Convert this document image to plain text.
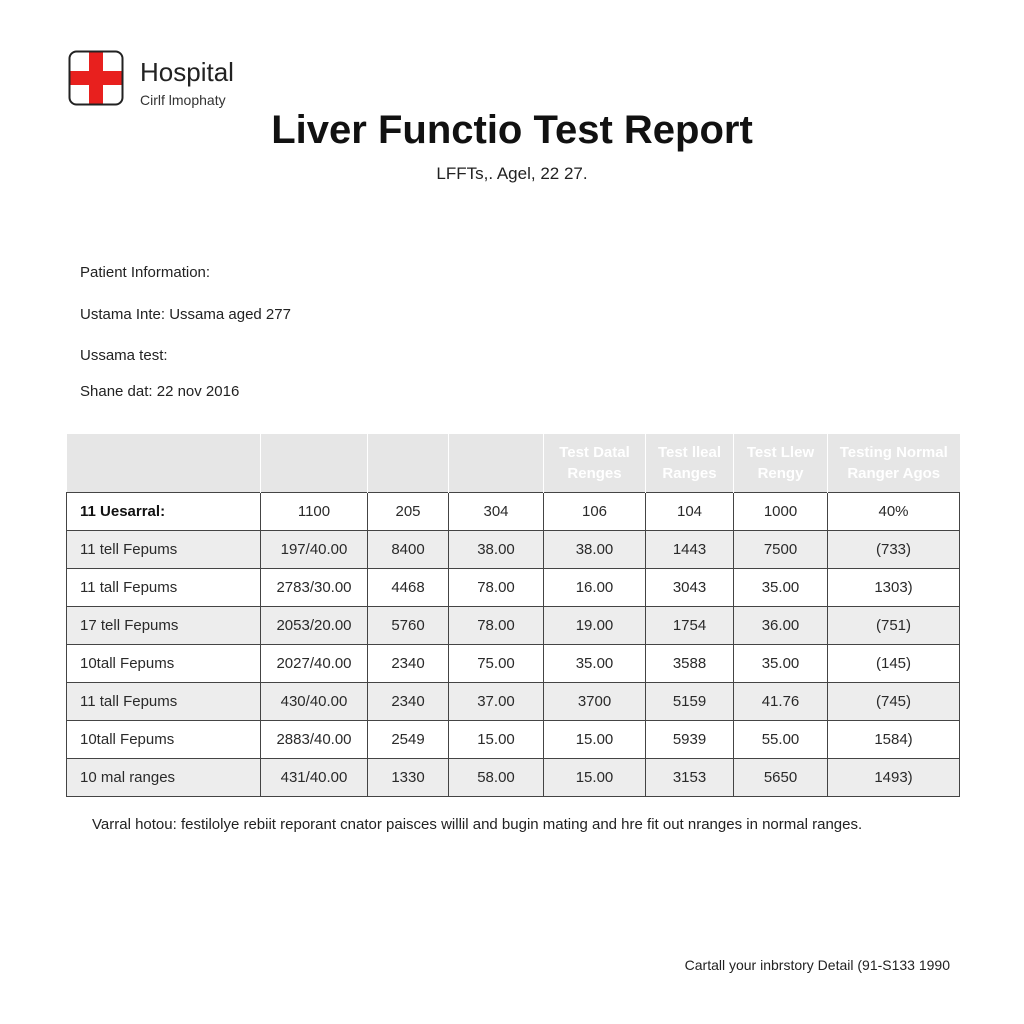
Hospital
Cirlf lmophaty
Liver Functio Test Report
LFFTs,. Agel, 22 27.
Patient Information:
Ustama Inte: Ussama aged 277
Ussama test:
Shane dat: 22 nov 2016
				Test Datal Renges	Test lleal Ranges	Test Llew Rengy	Testing Normal Ranger Agos
11 Uesarral:	1100	205	304	106	104	1000	40%
11 tell Fepums	197/40.00	8400	38.00	38.00	1443	7500	(733)
11 tall Fepums	2783/30.00	4468	78.00	16.00	3043	35.00	1303)
17 tell Fepums	2053/20.00	5760	78.00	19.00	1754	36.00	(751)
10tall Fepums	2027/40.00	2340	75.00	35.00	3588	35.00	(145)
11 tall Fepums	430/40.00	2340	37.00	3700	5159	41.76	(745)
10tall Fepums	2883/40.00	2549	15.00	15.00	5939	55.00	1584)
10 mal ranges	431/40.00	1330	58.00	15.00	3153	5650	1493)
Varral hotou: festilolye rebiit reporant cnator paisces willil and bugin mating and hre fit out nranges in normal ranges.
Cartall your inbrstory Detail (91-S133 1990
